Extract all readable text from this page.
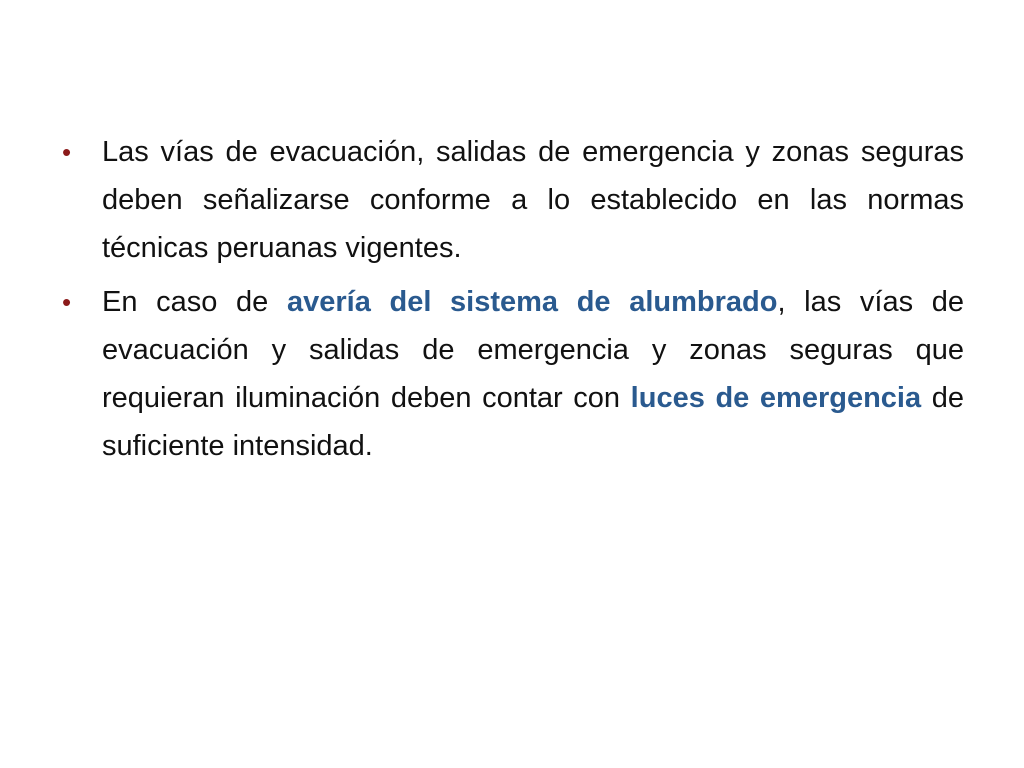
•	Las vías de evacuación, salidas de emergencia y zonas seguras deben señalizarse conforme a lo establecido en las normas técnicas peruanas vigentes.
•	En caso de avería del sistema de alumbrado, las vías de evacuación y salidas de emergencia y zonas seguras que requieran iluminación deben contar con luces de emergencia de suficiente intensidad.
